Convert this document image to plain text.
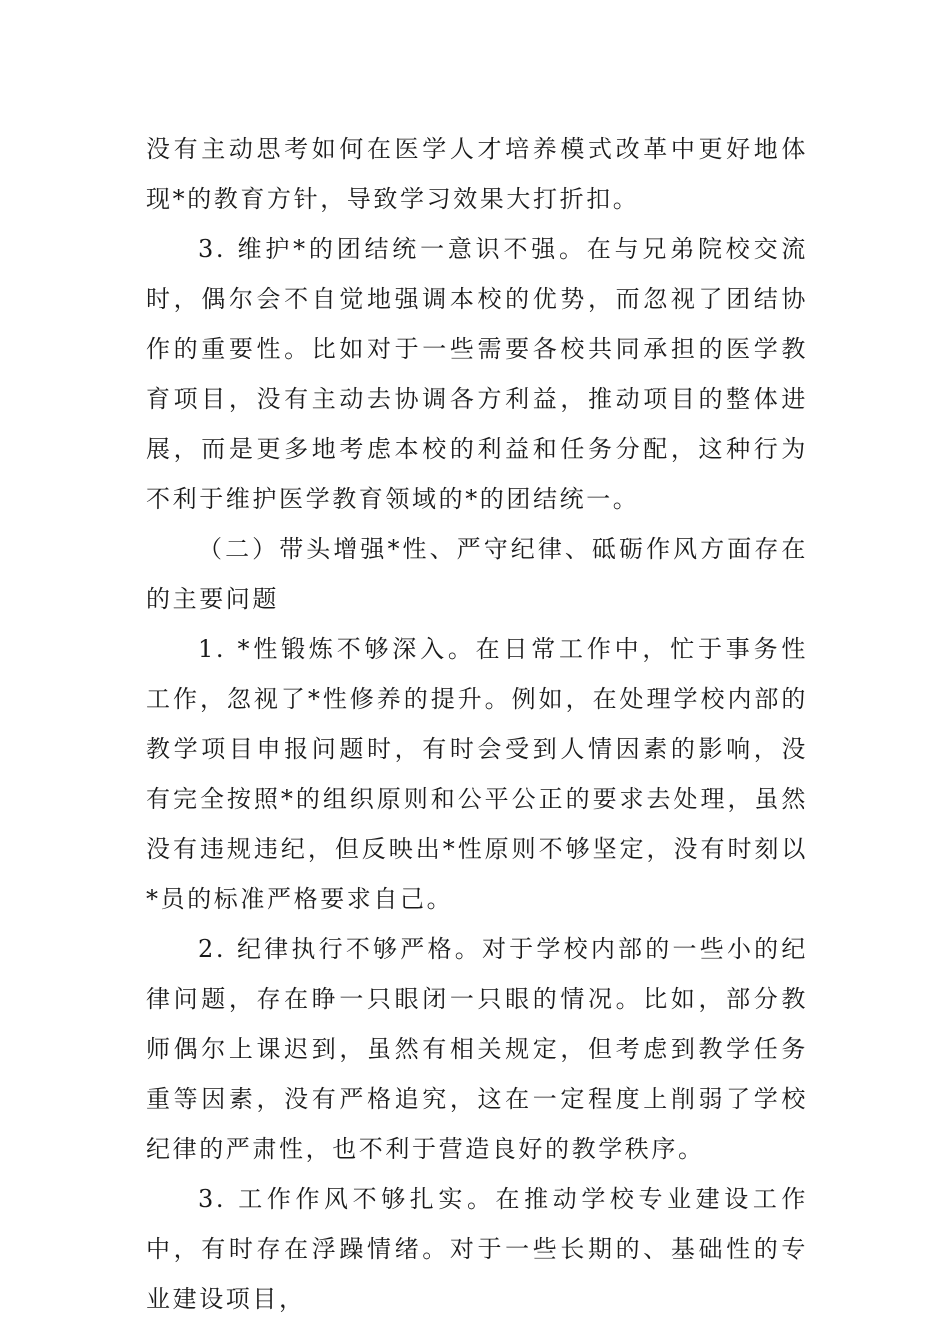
没有主动思考如何在医学人才培养模式改革中更好地体现*的教育方针，导致学习效果大打折扣。

3. 维护*的团结统一意识不强。在与兄弟院校交流时，偶尔会不自觉地强调本校的优势，而忽视了团结协作的重要性。比如对于一些需要各校共同承担的医学教育项目，没有主动去协调各方利益，推动项目的整体进展，而是更多地考虑本校的利益和任务分配，这种行为不利于维护医学教育领域的*的团结统一。

（二）带头增强*性、严守纪律、砥砺作风方面存在的主要问题

1. *性锻炼不够深入。在日常工作中，忙于事务性工作，忽视了*性修养的提升。例如，在处理学校内部的教学项目申报问题时，有时会受到人情因素的影响，没有完全按照*的组织原则和公平公正的要求去处理，虽然没有违规违纪，但反映出*性原则不够坚定，没有时刻以*员的标准严格要求自己。

2. 纪律执行不够严格。对于学校内部的一些小的纪律问题，存在睁一只眼闭一只眼的情况。比如，部分教师偶尔上课迟到，虽然有相关规定，但考虑到教学任务重等因素，没有严格追究，这在一定程度上削弱了学校纪律的严肃性，也不利于营造良好的教学秩序。

3. 工作作风不够扎实。在推动学校专业建设工作中，有时存在浮躁情绪。对于一些长期的、基础性的专业建设项目，
